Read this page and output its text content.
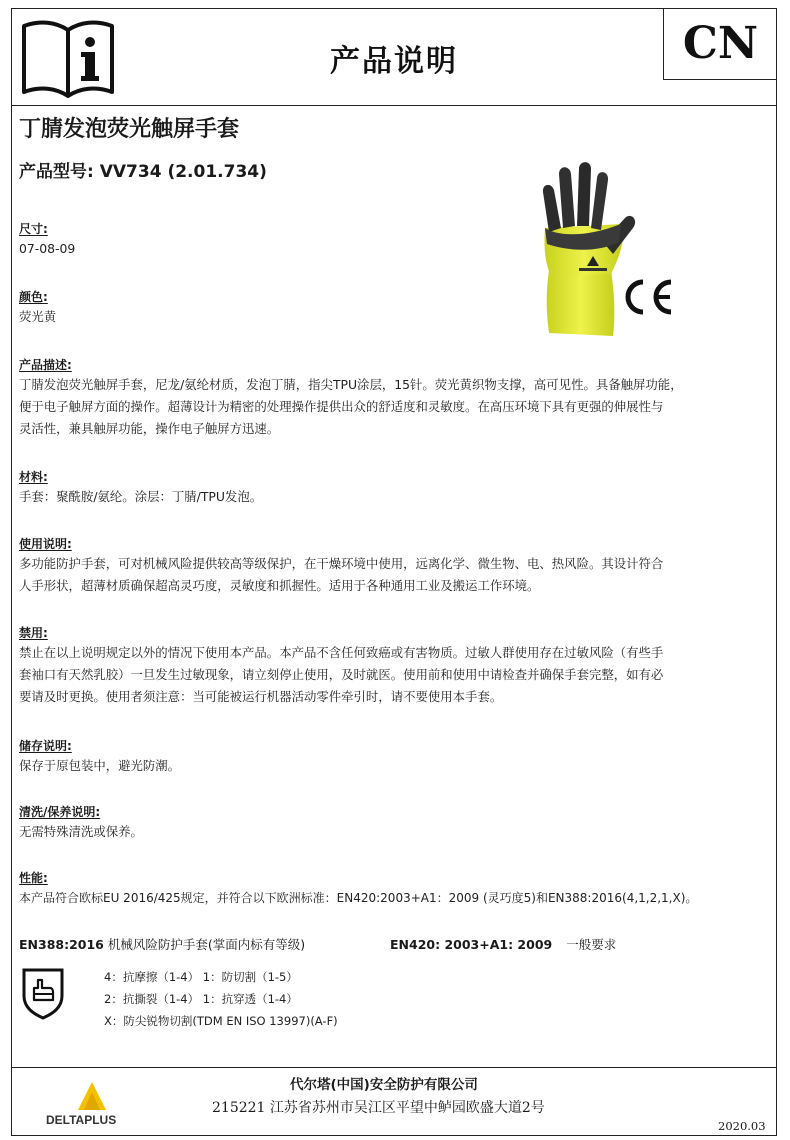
产品说明	CN
丁腈发泡荧光触屏手套
产品型号: VV734 (2.01.734)
尺寸:
07-08-09
颜色:
荧光黄
产品描述:
丁腈发泡荧光触屏手套，尼龙/氨纶材质，发泡丁腈，指尖TPU涂层，15针。荧光黄织物支撑，高可见性。具备触屏功能，
便于电子触屏方面的操作。超薄设计为精密的处理操作提供出众的舒适度和灵敏度。在高压环境下具有更强的伸展性与
灵活性，兼具触屏功能，操作电子触屏方迅速。
材料:
手套：聚酰胺/氨纶。涂层：丁腈/TPU发泡。
使用说明:
多功能防护手套，可对机械风险提供较高等级保护，在干燥环境中使用，远离化学、微生物、电、热风险。其设计符合
人手形状，超薄材质确保超高灵巧度，灵敏度和抓握性。适用于各种通用工业及搬运工作环境。
禁用:
禁止在以上说明规定以外的情况下使用本产品。本产品不含任何致癌或有害物质。过敏人群使用存在过敏风险（有些手
套袖口有天然乳胶）一旦发生过敏现象，请立刻停止使用，及时就医。使用前和使用中请检查并确保手套完整，如有必
要请及时更换。使用者须注意：当可能被运行机器活动零件牵引时，请不要使用本手套。
储存说明:
保存于原包装中，避光防潮。
清洗/保养说明:
无需特殊清洗或保养。
性能:
本产品符合欧标EU 2016/425规定，并符合以下欧洲标准：EN420:2003+A1：2009 (灵巧度5)和EN388:2016(4,1,2,1,X)。
EN388:2016 机械风险防护手套(掌面内标有等级)	EN420: 2003+A1: 2009 一般要求
4：抗摩擦（1-4） 1：防切割（1-5）
2：抗撕裂（1-4） 1：抗穿透（1-4）
X：防尖锐物切割(TDM EN ISO 13997)(A-F)
DELTAPLUS
代尔塔(中国)安全防护有限公司
215221 江苏省苏州市吴江区平望中鲈园欧盛大道2号
2020.03
